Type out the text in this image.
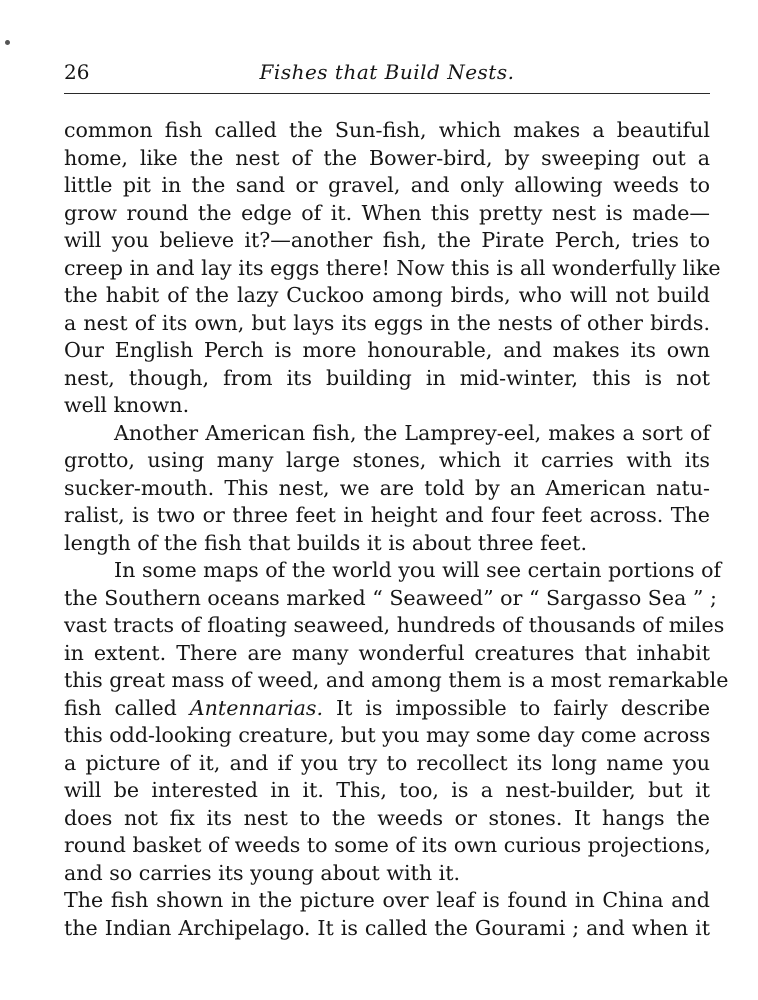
26	Fishes that Build Nests.
common fish called the Sun-fish, which makes a beautiful
home, like the nest of the Bower-bird, by sweeping out a
little pit in the sand or gravel, and only allowing weeds to
grow round the edge of it. When this pretty nest is made—
will you believe it?—another fish, the Pirate Perch, tries to
creep in and lay its eggs there! Now this is all wonderfully like
the habit of the lazy Cuckoo among birds, who will not build
a nest of its own, but lays its eggs in the nests of other birds.
Our English Perch is more honourable, and makes its own
nest, though, from its building in mid-winter, this is not
well known.
Another American fish, the Lamprey-eel, makes a sort of
grotto, using many large stones, which it carries with its
sucker-mouth. This nest, we are told by an American natu-
ralist, is two or three feet in height and four feet across. The
length of the fish that builds it is about three feet.
In some maps of the world you will see certain portions of
the Southern oceans marked “ Seaweed” or “ Sargasso Sea ” ;
vast tracts of floating seaweed, hundreds of thousands of miles
in extent. There are many wonderful creatures that inhabit
this great mass of weed, and among them is a most remarkable
fish called Antennarias. It is impossible to fairly describe
this odd-looking creature, but you may some day come across
a picture of it, and if you try to recollect its long name you
will be interested in it. This, too, is a nest-builder, but it
does not fix its nest to the weeds or stones. It hangs the
round basket of weeds to some of its own curious projections,
and so carries its young about with it.
The fish shown in the picture over leaf is found in China and
the Indian Archipelago. It is called the Gourami ; and when it
